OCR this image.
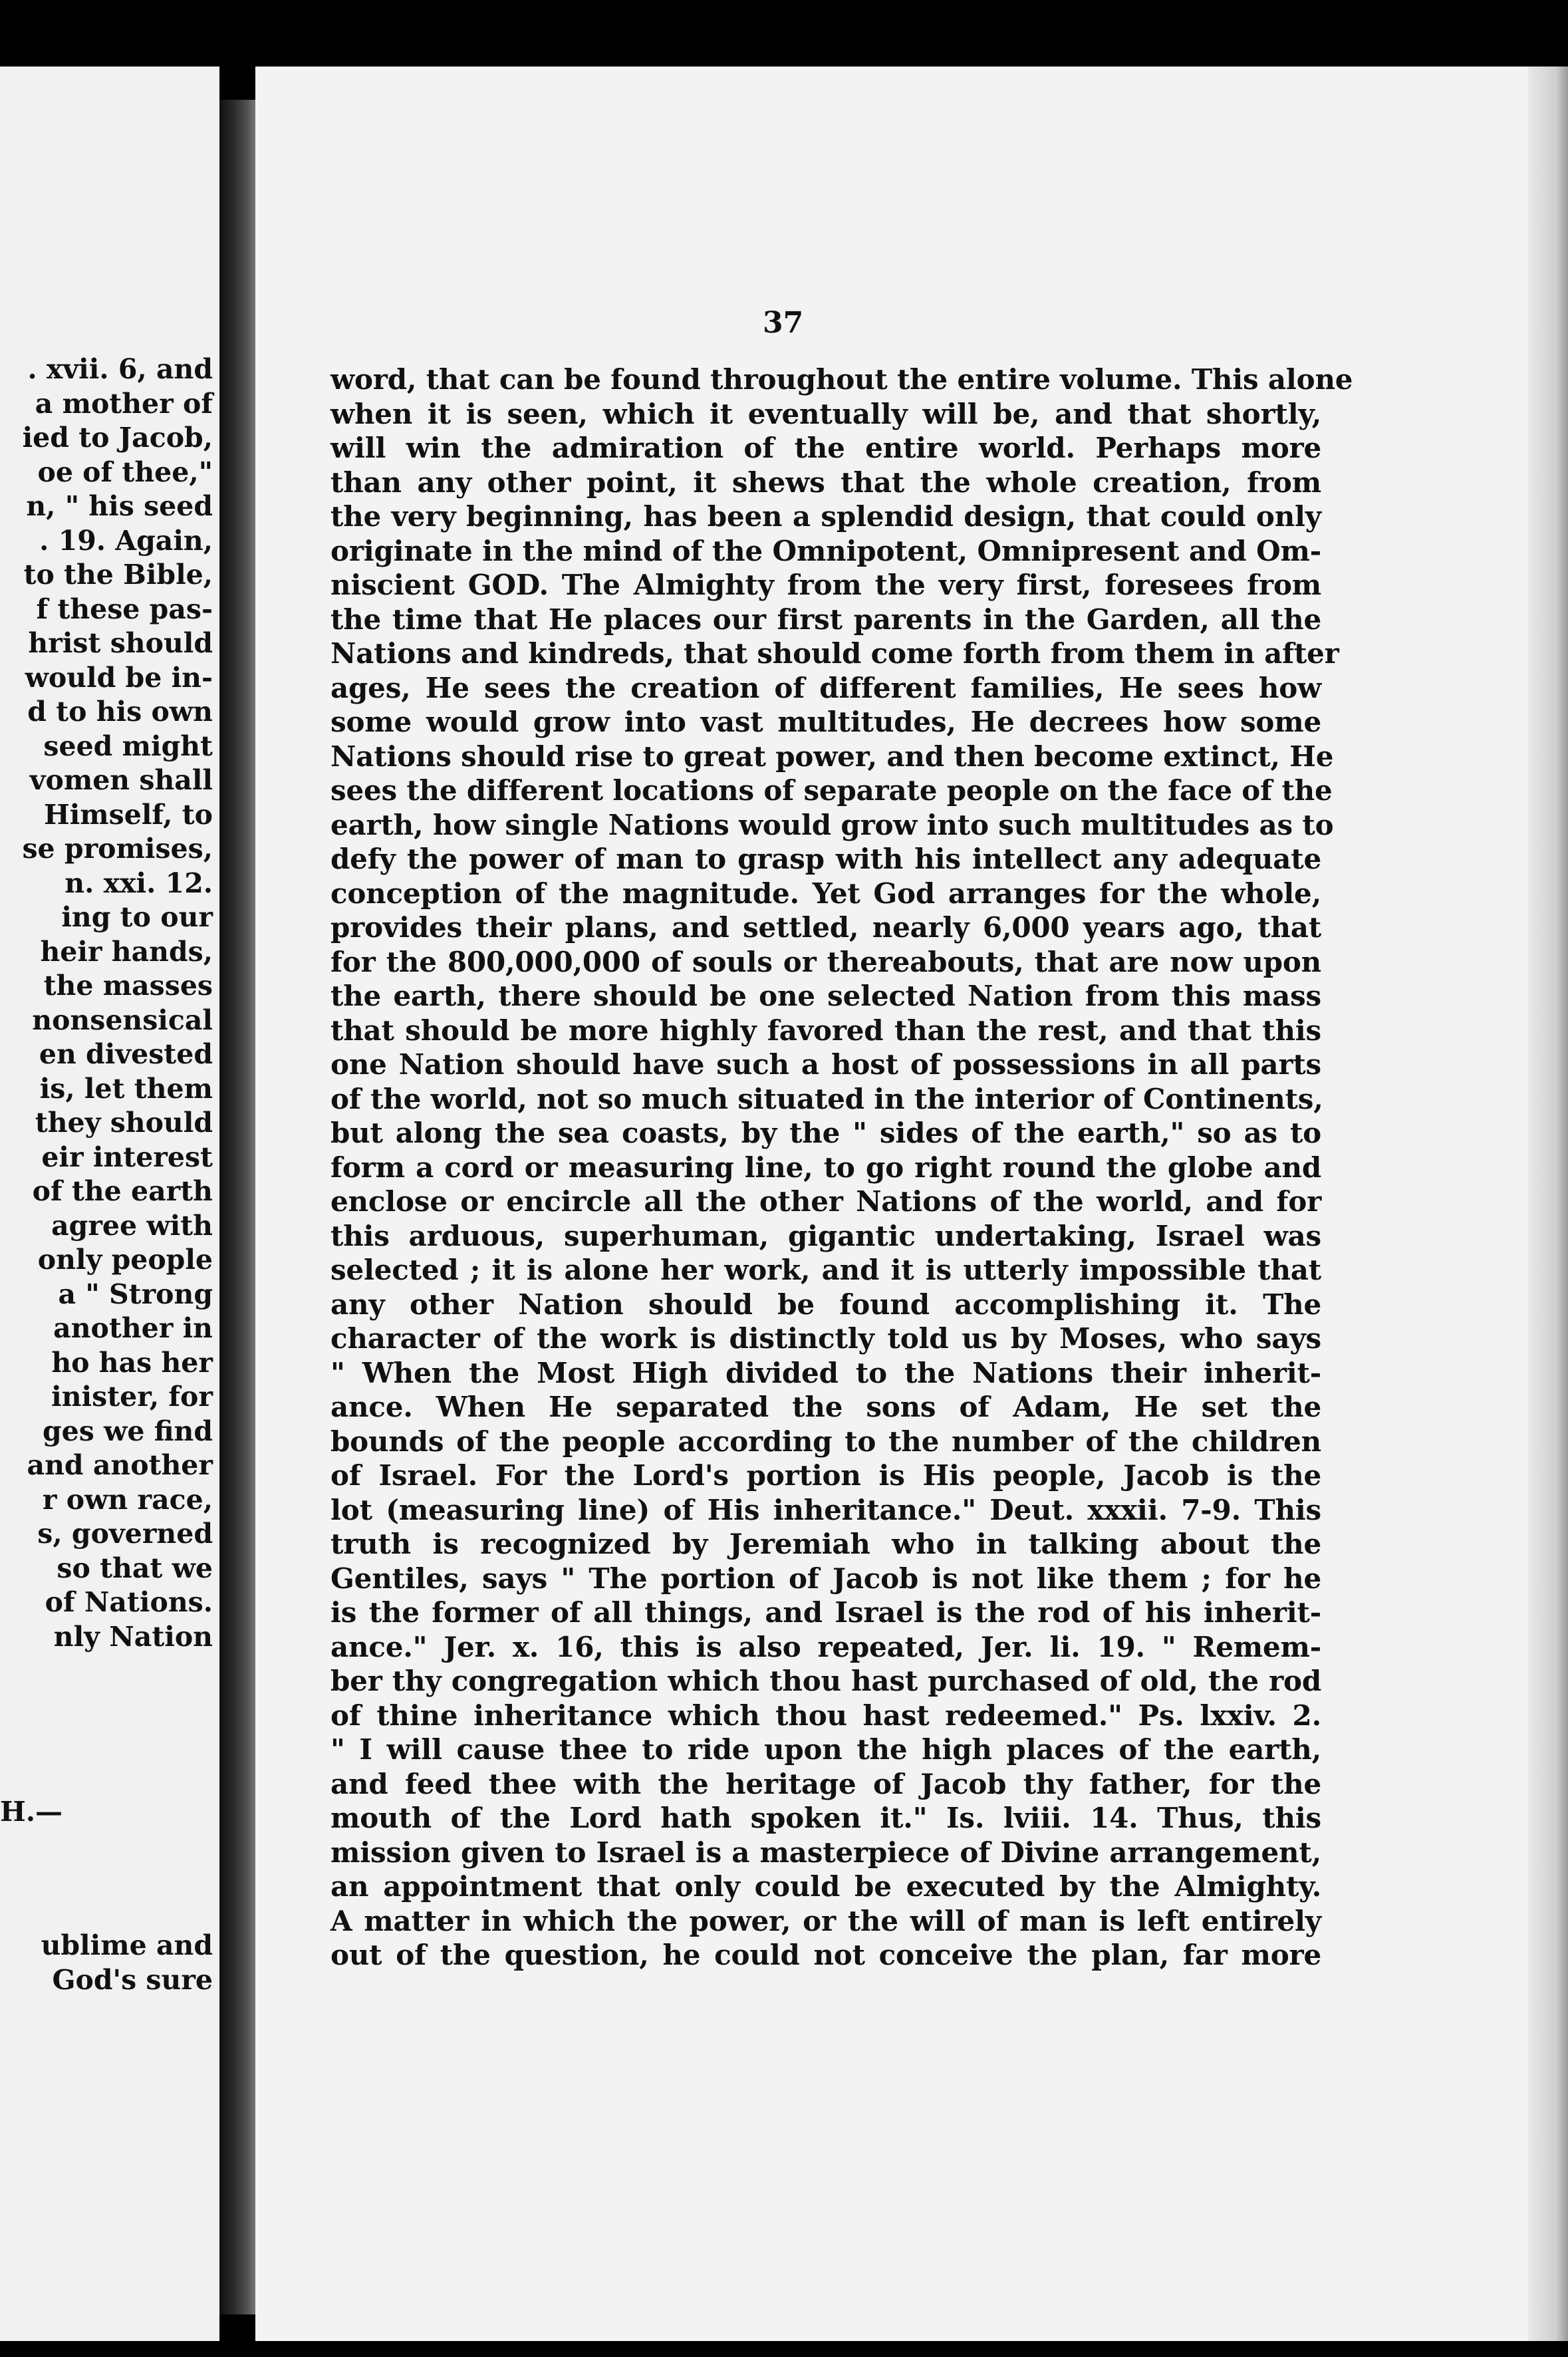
. xvii. 6, and
a mother of
ied to Jacob,
oe of thee,"
n, " his seed
. 19. Again,
to the Bible,
f these pas-
hrist should
would be in-
d to his own
seed might
vomen shall
Himself, to
se promises,
n. xxi. 12.
ing to our
heir hands,
the masses
nonsensical
en divested
is, let them
they should
eir interest
of the earth
agree with
only people
a " Strong
another in
ho has her
inister, for
ges we find
and another
r own race,
s, governed
so that we
of Nations.
nly Nation
H.—
ublime and
God's sure
37
word, that can be found throughout the entire volume. This alone
when it is seen, which it eventually will be, and that shortly,
will win the admiration of the entire world. Perhaps more
than any other point, it shews that the whole creation, from
the very beginning, has been a splendid design, that could only
originate in the mind of the Omnipotent, Omnipresent and Om-
niscient GOD. The Almighty from the very first, foresees from
the time that He places our first parents in the Garden, all the
Nations and kindreds, that should come forth from them in after
ages, He sees the creation of different families, He sees how
some would grow into vast multitudes, He decrees how some
Nations should rise to great power, and then become extinct, He
sees the different locations of separate people on the face of the
earth, how single Nations would grow into such multitudes as to
defy the power of man to grasp with his intellect any adequate
conception of the magnitude. Yet God arranges for the whole,
provides their plans, and settled, nearly 6,000 years ago, that
for the 800,000,000 of souls or thereabouts, that are now upon
the earth, there should be one selected Nation from this mass
that should be more highly favored than the rest, and that this
one Nation should have such a host of possessions in all parts
of the world, not so much situated in the interior of Continents,
but along the sea coasts, by the " sides of the earth," so as to
form a cord or measuring line, to go right round the globe and
enclose or encircle all the other Nations of the world, and for
this arduous, superhuman, gigantic undertaking, Israel was
selected ; it is alone her work, and it is utterly impossible that
any other Nation should be found accomplishing it. The
character of the work is distinctly told us by Moses, who says
" When the Most High divided to the Nations their inherit-
ance. When He separated the sons of Adam, He set the
bounds of the people according to the number of the children
of Israel. For the Lord's portion is His people, Jacob is the
lot (measuring line) of His inheritance." Deut. xxxii. 7-9. This
truth is recognized by Jeremiah who in talking about the
Gentiles, says " The portion of Jacob is not like them ; for he
is the former of all things, and Israel is the rod of his inherit-
ance." Jer. x. 16, this is also repeated, Jer. li. 19. " Remem-
ber thy congregation which thou hast purchased of old, the rod
of thine inheritance which thou hast redeemed." Ps. lxxiv. 2.
" I will cause thee to ride upon the high places of the earth,
and feed thee with the heritage of Jacob thy father, for the
mouth of the Lord hath spoken it." Is. lviii. 14. Thus, this
mission given to Israel is a masterpiece of Divine arrangement,
an appointment that only could be executed by the Almighty.
A matter in which the power, or the will of man is left entirely
out of the question, he could not conceive the plan, far more
